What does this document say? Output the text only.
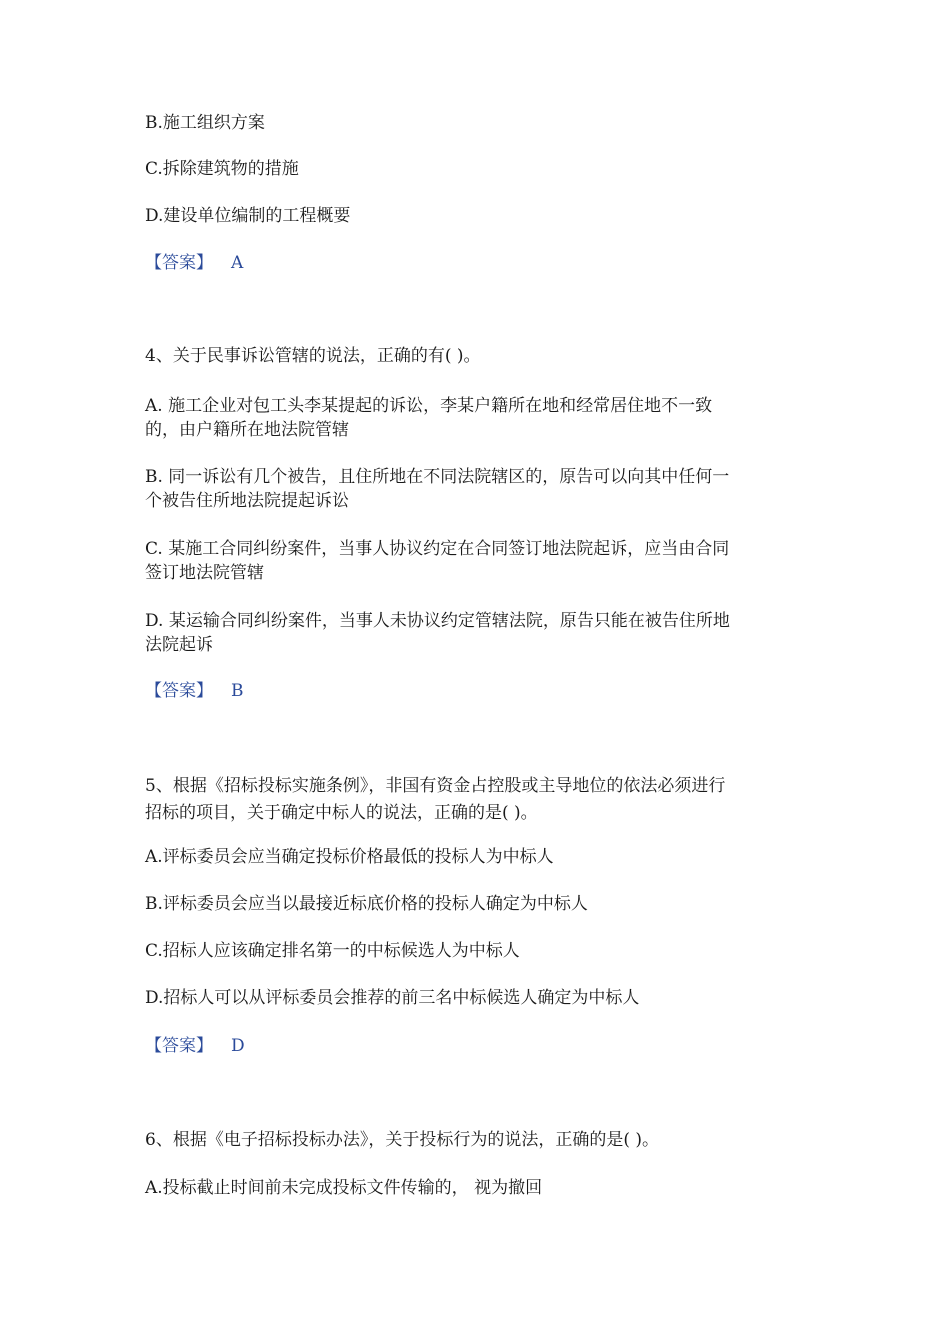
B.施工组织方案
C.拆除建筑物的措施
D.建设单位编制的工程概要
【答案】 A
4、关于民事诉讼管辖的说法，正确的有( )。
A. 施工企业对包工头李某提起的诉讼，李某户籍所在地和经常居住地不一致
的，由户籍所在地法院管辖
B. 同一诉讼有几个被告，且住所地在不同法院辖区的，原告可以向其中任何一
个被告住所地法院提起诉讼
C. 某施工合同纠纷案件，当事人协议约定在合同签订地法院起诉，应当由合同
签订地法院管辖
D. 某运输合同纠纷案件，当事人未协议约定管辖法院，原告只能在被告住所地
法院起诉
【答案】 B
5、根据《招标投标实施条例》，非国有资金占控股或主导地位的依法必须进行
招标的项目，关于确定中标人的说法，正确的是( )。
A.评标委员会应当确定投标价格最低的投标人为中标人
B.评标委员会应当以最接近标底价格的投标人确定为中标人
C.招标人应该确定排名第一的中标候选人为中标人
D.招标人可以从评标委员会推荐的前三名中标候选人确定为中标人
【答案】 D
6、根据《电子招标投标办法》，关于投标行为的说法，正确的是( )。
A.投标截止时间前未完成投标文件传输的， 视为撤回
